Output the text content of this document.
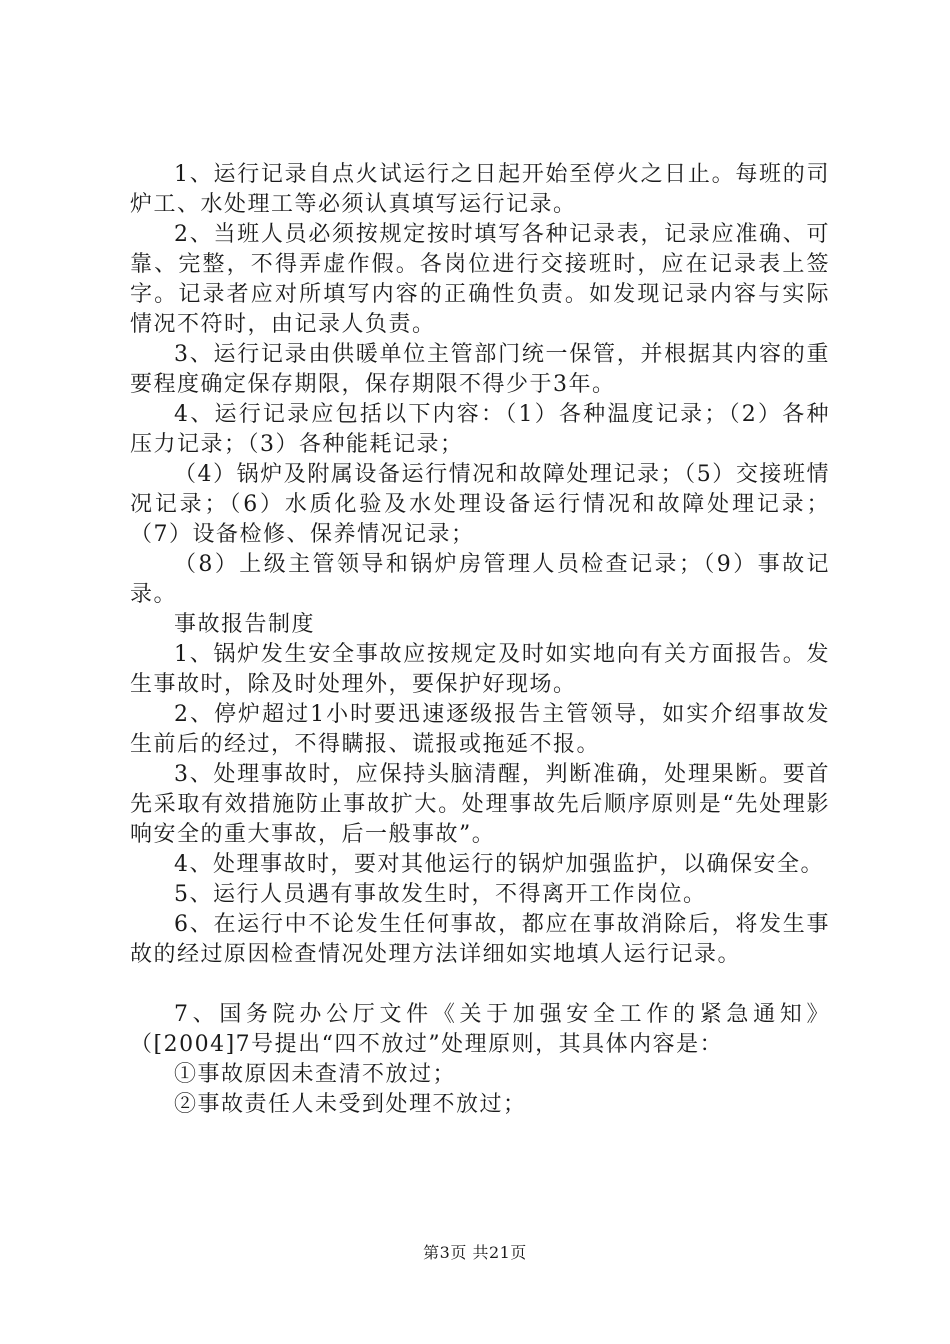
1、运行记录自点火试运行之日起开始至停火之日止。每班的司炉工、水处理工等必须认真填写运行记录。

2、当班人员必须按规定按时填写各种记录表，记录应准确、可靠、完整，不得弄虚作假。各岗位进行交接班时，应在记录表上签字。记录者应对所填写内容的正确性负责。如发现记录内容与实际情况不符时，由记录人负责。

3、运行记录由供暖单位主管部门统一保管，并根据其内容的重要程度确定保存期限，保存期限不得少于3年。

4、运行记录应包括以下内容：（1）各种温度记录；（2）各种压力记录；（3）各种能耗记录；

（4）锅炉及附属设备运行情况和故障处理记录；（5）交接班情况记录；（6）水质化验及水处理设备运行情况和故障处理记录；（7）设备检修、保养情况记录；

（8）上级主管领导和锅炉房管理人员检查记录；（9）事故记录。

事故报告制度

1、锅炉发生安全事故应按规定及时如实地向有关方面报告。发生事故时，除及时处理外，要保护好现场。

2、停炉超过1小时要迅速逐级报告主管领导，如实介绍事故发生前后的经过，不得瞒报、谎报或拖延不报。

3、处理事故时，应保持头脑清醒，判断准确，处理果断。要首先采取有效措施防止事故扩大。处理事故先后顺序原则是“先处理影响安全的重大事故，后一般事故”。

4、处理事故时，要对其他运行的锅炉加强监护，以确保安全。

5、运行人员遇有事故发生时，不得离开工作岗位。

6、在运行中不论发生任何事故，都应在事故消除后，将发生事故的经过原因检查情况处理方法详细如实地填人运行记录。

7、国务院办公厅文件《关于加强安全工作的紧急通知》（[2004]7号提出“四不放过”处理原则，其具体内容是：

①事故原因未查清不放过；

②事故责任人未受到处理不放过；

第3页 共21页
